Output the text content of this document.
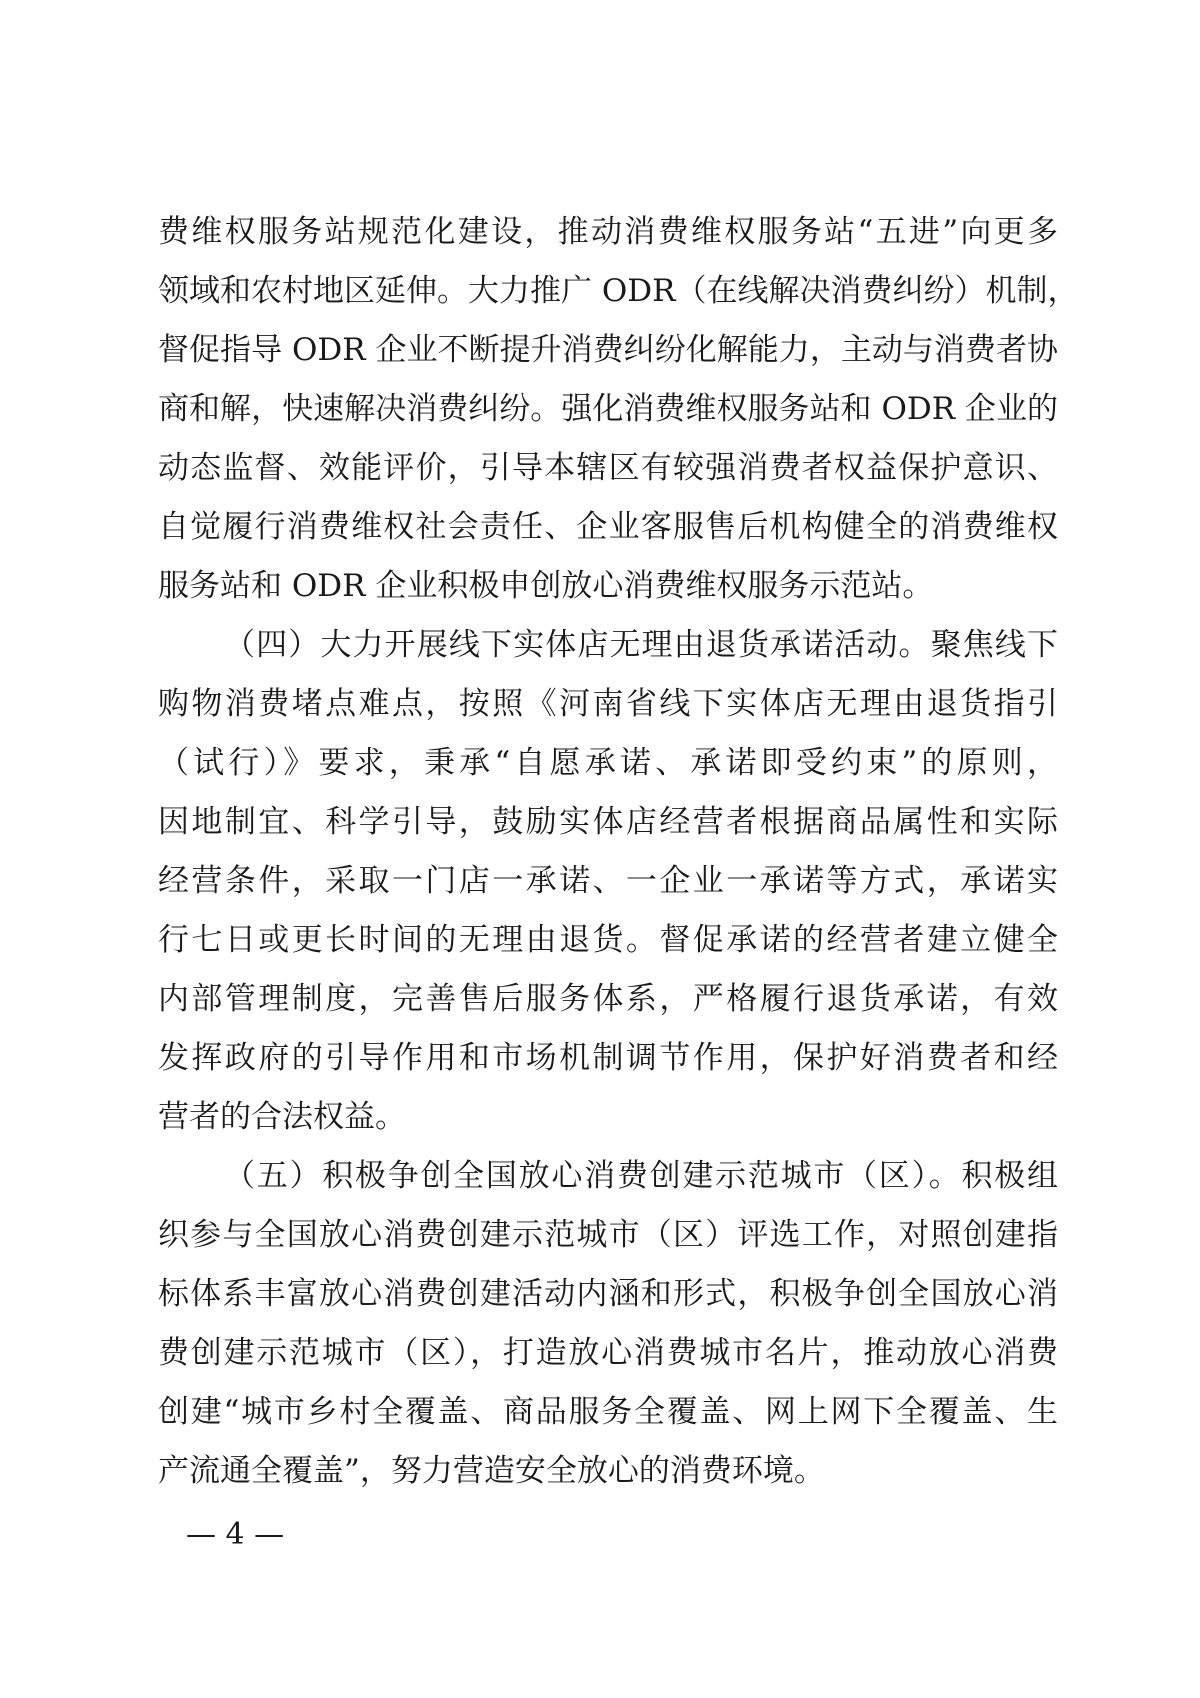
费维权服务站规范化建设，推动消费维权服务站“五进”向更多
领域和农村地区延伸。大力推广 ODR（在线解决消费纠纷）机制，
督促指导 ODR 企业不断提升消费纠纷化解能力，主动与消费者协
商和解，快速解决消费纠纷。强化消费维权服务站和 ODR 企业的
动态监督、效能评价，引导本辖区有较强消费者权益保护意识、
自觉履行消费维权社会责任、企业客服售后机构健全的消费维权
服务站和 ODR 企业积极申创放心消费维权服务示范站。
（四）大力开展线下实体店无理由退货承诺活动。聚焦线下
购物消费堵点难点，按照《河南省线下实体店无理由退货指引
（试行）》要求，秉承“自愿承诺、承诺即受约束”的原则，
因地制宜、科学引导，鼓励实体店经营者根据商品属性和实际
经营条件，采取一门店一承诺、一企业一承诺等方式，承诺实
行七日或更长时间的无理由退货。督促承诺的经营者建立健全
内部管理制度，完善售后服务体系，严格履行退货承诺，有效
发挥政府的引导作用和市场机制调节作用，保护好消费者和经
营者的合法权益。
（五）积极争创全国放心消费创建示范城市（区）。积极组
织参与全国放心消费创建示范城市（区）评选工作，对照创建指
标体系丰富放心消费创建活动内涵和形式，积极争创全国放心消
费创建示范城市（区），打造放心消费城市名片，推动放心消费
创建“城市乡村全覆盖、商品服务全覆盖、网上网下全覆盖、生
产流通全覆盖”，努力营造安全放心的消费环境。
— 4 —
